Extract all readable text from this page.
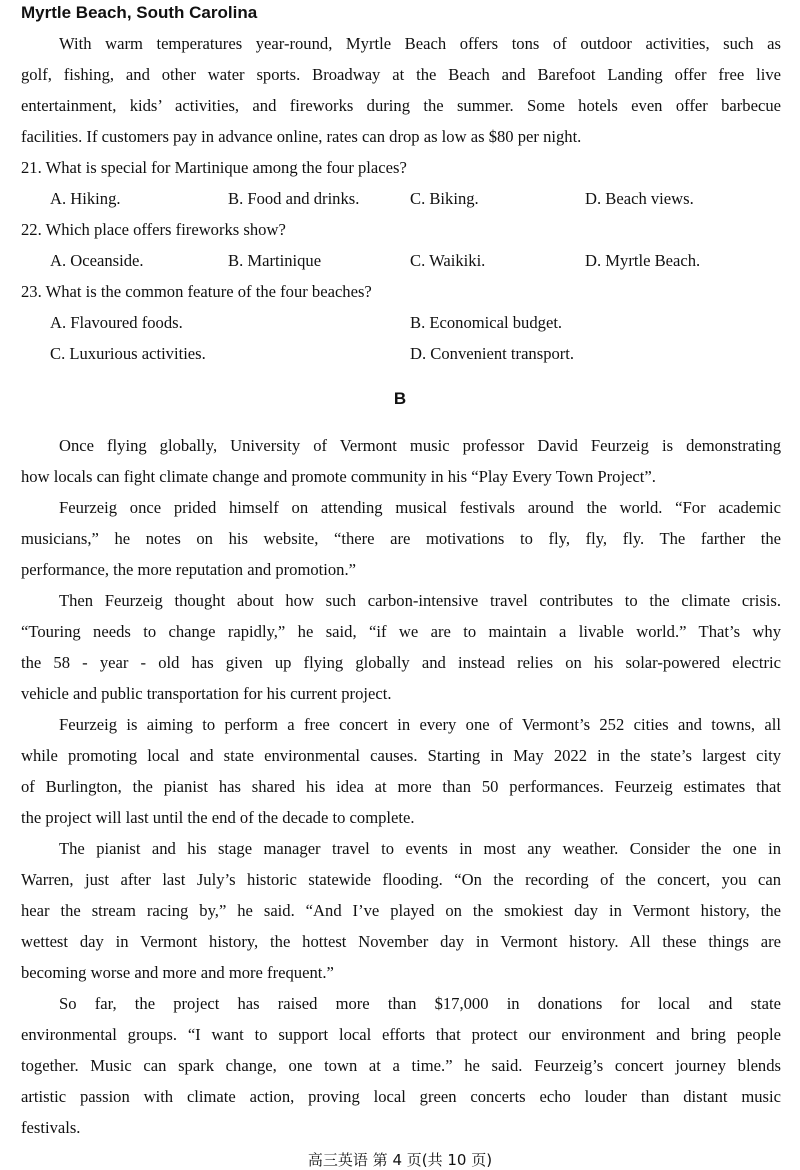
Myrtle Beach, South Carolina
With warm temperatures year-round, Myrtle Beach offers tons of outdoor activities, such as
golf, fishing, and other water sports. Broadway at the Beach and Barefoot Landing offer free live
entertainment, kids’ activities, and fireworks during the summer. Some hotels even offer barbecue
facilities. If customers pay in advance online, rates can drop as low as $80 per night.
21. What is special for Martinique among the four places?
A. Hiking.	B. Food and drinks.	C. Biking.	D. Beach views.
22. Which place offers fireworks show?
A. Oceanside.	B. Martinique	C. Waikiki.	D. Myrtle Beach.
23. What is the common feature of the four beaches?
A. Flavoured foods.	B. Economical budget.
C. Luxurious activities.	D. Convenient transport.
B
Once flying globally, University of Vermont music professor David Feurzeig is demonstrating
how locals can fight climate change and promote community in his “Play Every Town Project”.
Feurzeig once prided himself on attending musical festivals around the world. “For academic
musicians,” he notes on his website, “there are motivations to fly, fly, fly. The farther the
performance, the more reputation and promotion.”
Then Feurzeig thought about how such carbon-intensive travel contributes to the climate crisis.
“Touring needs to change rapidly,” he said, “if we are to maintain a livable world.” That’s why
the 58 - year - old has given up flying globally and instead relies on his solar-powered electric
vehicle and public transportation for his current project.
Feurzeig is aiming to perform a free concert in every one of Vermont’s 252 cities and towns, all
while promoting local and state environmental causes. Starting in May 2022 in the state’s largest city
of Burlington, the pianist has shared his idea at more than 50 performances. Feurzeig estimates that
the project will last until the end of the decade to complete.
The pianist and his stage manager travel to events in most any weather. Consider the one in
Warren, just after last July’s historic statewide flooding. “On the recording of the concert, you can
hear the stream racing by,” he said. “And I’ve played on the smokiest day in Vermont history, the
wettest day in Vermont history, the hottest November day in Vermont history. All these things are
becoming worse and more and more frequent.”
So far, the project has raised more than $17,000 in donations for local and state
environmental groups. “I want to support local efforts that protect our environment and bring people
together. Music can spark change, one town at a time.” he said. Feurzeig’s concert journey blends
artistic passion with climate action, proving local green concerts echo louder than distant music
festivals.
高三英语 第 4 页(共 10 页)
